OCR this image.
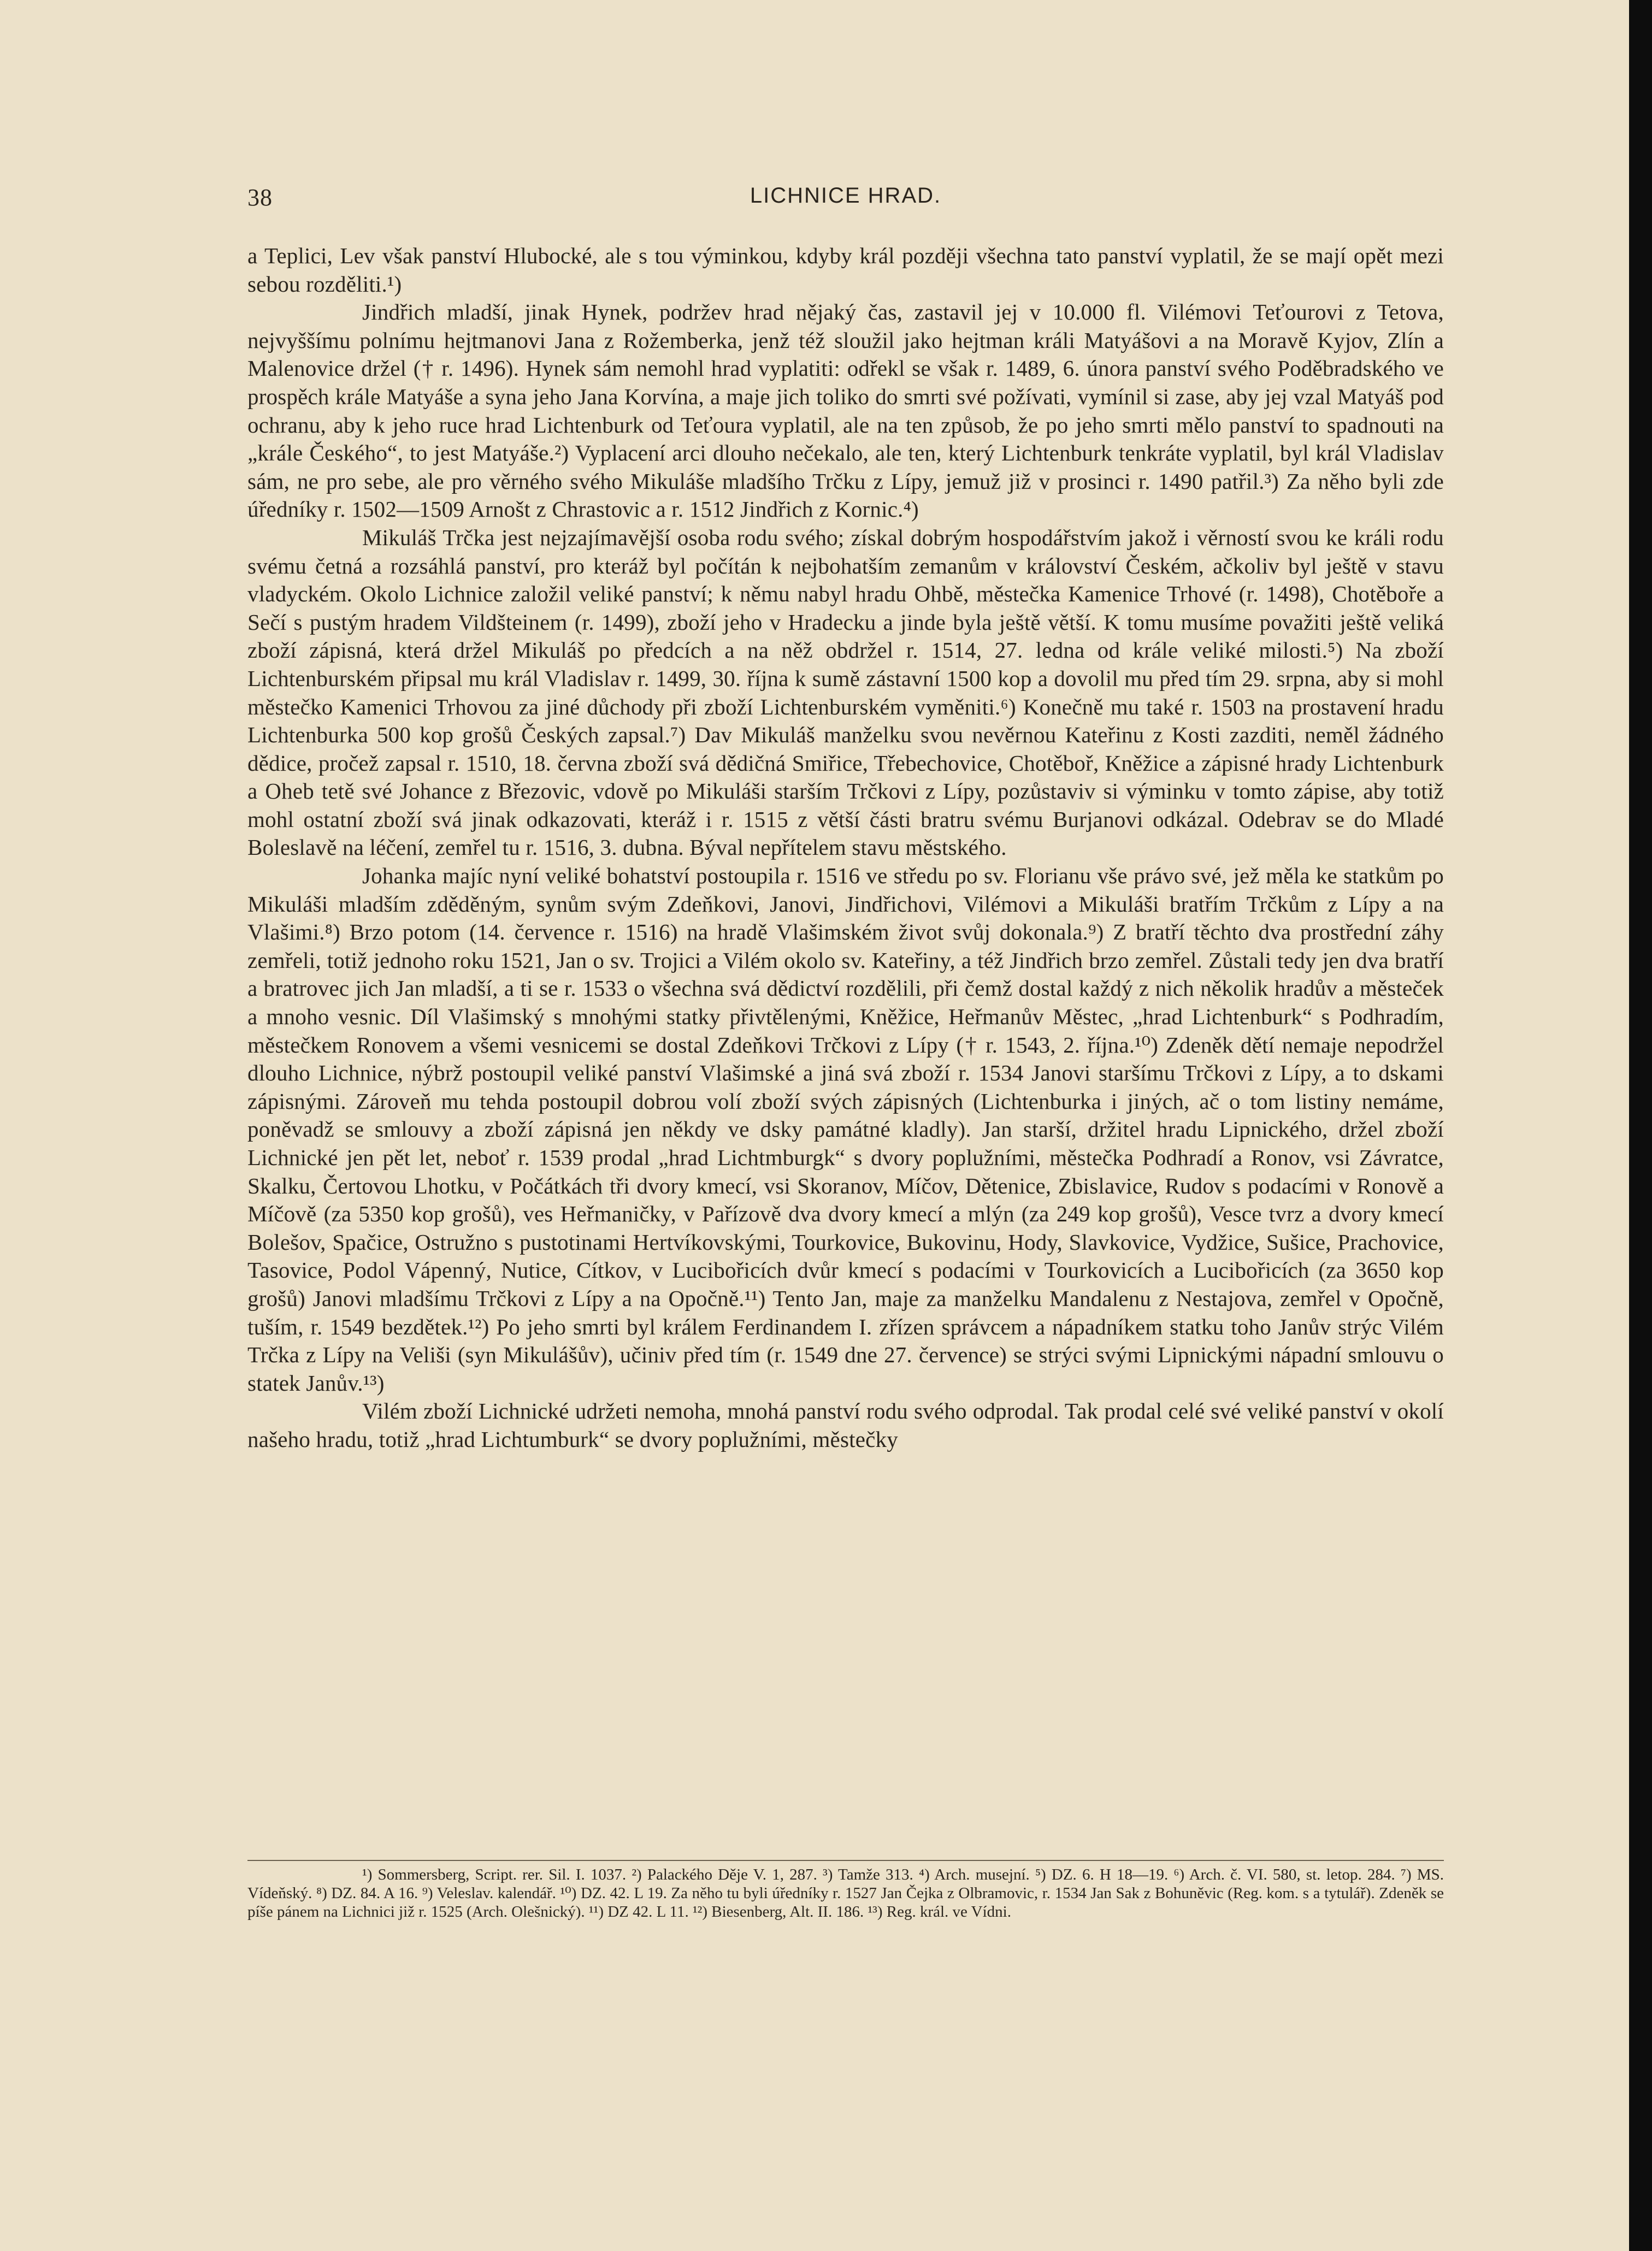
38	LICHNICE HRAD.

a Teplici, Lev však panství Hlubocké, ale s tou výminkou, kdyby král později všechna tato panství vyplatil, že se mají opět mezi sebou rozděliti.¹)

Jindřich mladší, jinak Hynek, podržev hrad nějaký čas, zastavil jej v 10.000 fl. Vilémovi Teťourovi z Tetova, nejvyššímu polnímu hejtmanovi Jana z Rožemberka, jenž též sloužil jako hejtman králi Matyášovi a na Moravě Kyjov, Zlín a Malenovice držel († r. 1496). Hynek sám nemohl hrad vyplatiti: odřekl se však r. 1489, 6. února panství svého Poděbradského ve prospěch krále Matyáše a syna jeho Jana Korvína, a maje jich toliko do smrti své požívati, vymínil si zase, aby jej vzal Matyáš pod ochranu, aby k jeho ruce hrad Lichtenburk od Teťoura vyplatil, ale na ten způsob, že po jeho smrti mělo panství to spadnouti na „krále Českého“, to jest Matyáše.²) Vyplacení arci dlouho nečekalo, ale ten, který Lichtenburk tenkráte vyplatil, byl král Vladislav sám, ne pro sebe, ale pro věrného svého Mikuláše mladšího Trčku z Lípy, jemuž již v prosinci r. 1490 patřil.³) Za něho byli zde úředníky r. 1502—1509 Arnošt z Chrastovic a r. 1512 Jindřich z Kornic.⁴)

Mikuláš Trčka jest nejzajímavější osoba rodu svého; získal dobrým hospodářstvím jakož i věrností svou ke králi rodu svému četná a rozsáhlá panství, pro kteráž byl počítán k nejbohatším zemanům v království Českém, ačkoliv byl ještě v stavu vladyckém. Okolo Lichnice založil veliké panství; k němu nabyl hradu Ohbě, městečka Kamenice Trhové (r. 1498), Chotěboře a Sečí s pustým hradem Vildšteinem (r. 1499), zboží jeho v Hradecku a jinde byla ještě větší. K tomu musíme považiti ještě veliká zboží zápisná, která držel Mikuláš po předcích a na něž obdržel r. 1514, 27. ledna od krále veliké milosti.⁵) Na zboží Lichtenburském připsal mu král Vladislav r. 1499, 30. října k sumě zástavní 1500 kop a dovolil mu před tím 29. srpna, aby si mohl městečko Kamenici Trhovou za jiné důchody při zboží Lichtenburském vyměniti.⁶) Konečně mu také r. 1503 na prostavení hradu Lichtenburka 500 kop grošů Českých zapsal.⁷) Dav Mikuláš manželku svou nevěrnou Kateřinu z Kosti zazditi, neměl žádného dědice, pročež zapsal r. 1510, 18. června zboží svá dědičná Smiřice, Třebechovice, Chotěboř, Kněžice a zápisné hrady Lichtenburk a Oheb tetě své Johance z Březovic, vdově po Mikuláši starším Trčkovi z Lípy, pozůstaviv si výminku v tomto zápise, aby totiž mohl ostatní zboží svá jinak odkazovati, kteráž i r. 1515 z větší části bratru svému Burjanovi odkázal. Odebrav se do Mladé Boleslavě na léčení, zemřel tu r. 1516, 3. dubna. Býval nepřítelem stavu městského.

Johanka majíc nyní veliké bohatství postoupila r. 1516 ve středu po sv. Florianu vše právo své, jež měla ke statkům po Mikuláši mladším zděděným, synům svým Zdeňkovi, Janovi, Jindřichovi, Vilémovi a Mikuláši bratřím Trčkům z Lípy a na Vlašimi.⁸) Brzo potom (14. července r. 1516) na hradě Vlašimském život svůj dokonala.⁹) Z bratří těchto dva prostřední záhy zemřeli, totiž jednoho roku 1521, Jan o sv. Trojici a Vilém okolo sv. Kateřiny, a též Jindřich brzo zemřel. Zůstali tedy jen dva bratří a bratrovec jich Jan mladší, a ti se r. 1533 o všechna svá dědictví rozdělili, při čemž dostal každý z nich několik hradův a městeček a mnoho vesnic. Díl Vlašimský s mnohými statky přivtělenými, Kněžice, Heřmanův Městec, „hrad Lichtenburk“ s Podhradím, městečkem Ronovem a všemi vesnicemi se dostal Zdeňkovi Trčkovi z Lípy († r. 1543, 2. října.¹⁰) Zdeněk dětí nemaje nepodržel dlouho Lichnice, nýbrž postoupil veliké panství Vlašimské a jiná svá zboží r. 1534 Janovi staršímu Trčkovi z Lípy, a to dskami zápisnými. Zároveň mu tehda postoupil dobrou volí zboží svých zápisných (Lichtenburka i jiných, ač o tom listiny nemáme, poněvadž se smlouvy a zboží zápisná jen někdy ve dsky památné kladly). Jan starší, držitel hradu Lipnického, držel zboží Lichnické jen pět let, neboť r. 1539 prodal „hrad Lichtmburgk“ s dvory poplužními, městečka Podhradí a Ronov, vsi Závratce, Skalku, Čertovou Lhotku, v Počátkách tři dvory kmecí, vsi Skoranov, Míčov, Dětenice, Zbislavice, Rudov s podacími v Ronově a Míčově (za 5350 kop grošů), ves Heřmaničky, v Pařízově dva dvory kmecí a mlýn (za 249 kop grošů), Vesce tvrz a dvory kmecí Bolešov, Spačice, Ostružno s pustotinami Hertvíkovskými, Tourkovice, Bukovinu, Hody, Slavkovice, Vydžice, Sušice, Prachovice, Tasovice, Podol Vápenný, Nutice, Cítkov, v Lucibořicích dvůr kmecí s podacími v Tourkovicích a Lucibořicích (za 3650 kop grošů) Janovi mladšímu Trčkovi z Lípy a na Opočně.¹¹) Tento Jan, maje za manželku Mandalenu z Nestajova, zemřel v Opočně, tuším, r. 1549 bezdětek.¹²) Po jeho smrti byl králem Ferdinandem I. zřízen správcem a nápadníkem statku toho Janův strýc Vilém Trčka z Lípy na Veliši (syn Mikulášův), učiniv před tím (r. 1549 dne 27. července) se strýci svými Lipnickými nápadní smlouvu o statek Janův.¹³)

Vilém zboží Lichnické udržeti nemoha, mnohá panství rodu svého odprodal. Tak prodal celé své veliké panství v okolí našeho hradu, totiž „hrad Lichtumburk“ se dvory poplužními, městečky

¹) Sommersberg, Script. rer. Sil. I. 1037. ²) Palackého Děje V. 1, 287. ³) Tamže 313. ⁴) Arch. musejní. ⁵) DZ. 6. H 18—19. ⁶) Arch. č. VI. 580, st. letop. 284. ⁷) MS. Vídeňský. ⁸) DZ. 84. A 16. ⁹) Veleslav. kalendář. ¹⁰) DZ. 42. L 19. Za něho tu byli úředníky r. 1527 Jan Čejka z Olbramovic, r. 1534 Jan Sak z Bohuněvic (Reg. kom. s a tytulář). Zdeněk se píše pánem na Lichnici již r. 1525 (Arch. Olešnický). ¹¹) DZ 42. L 11. ¹²) Biesenberg, Alt. II. 186. ¹³) Reg. král. ve Vídni.
